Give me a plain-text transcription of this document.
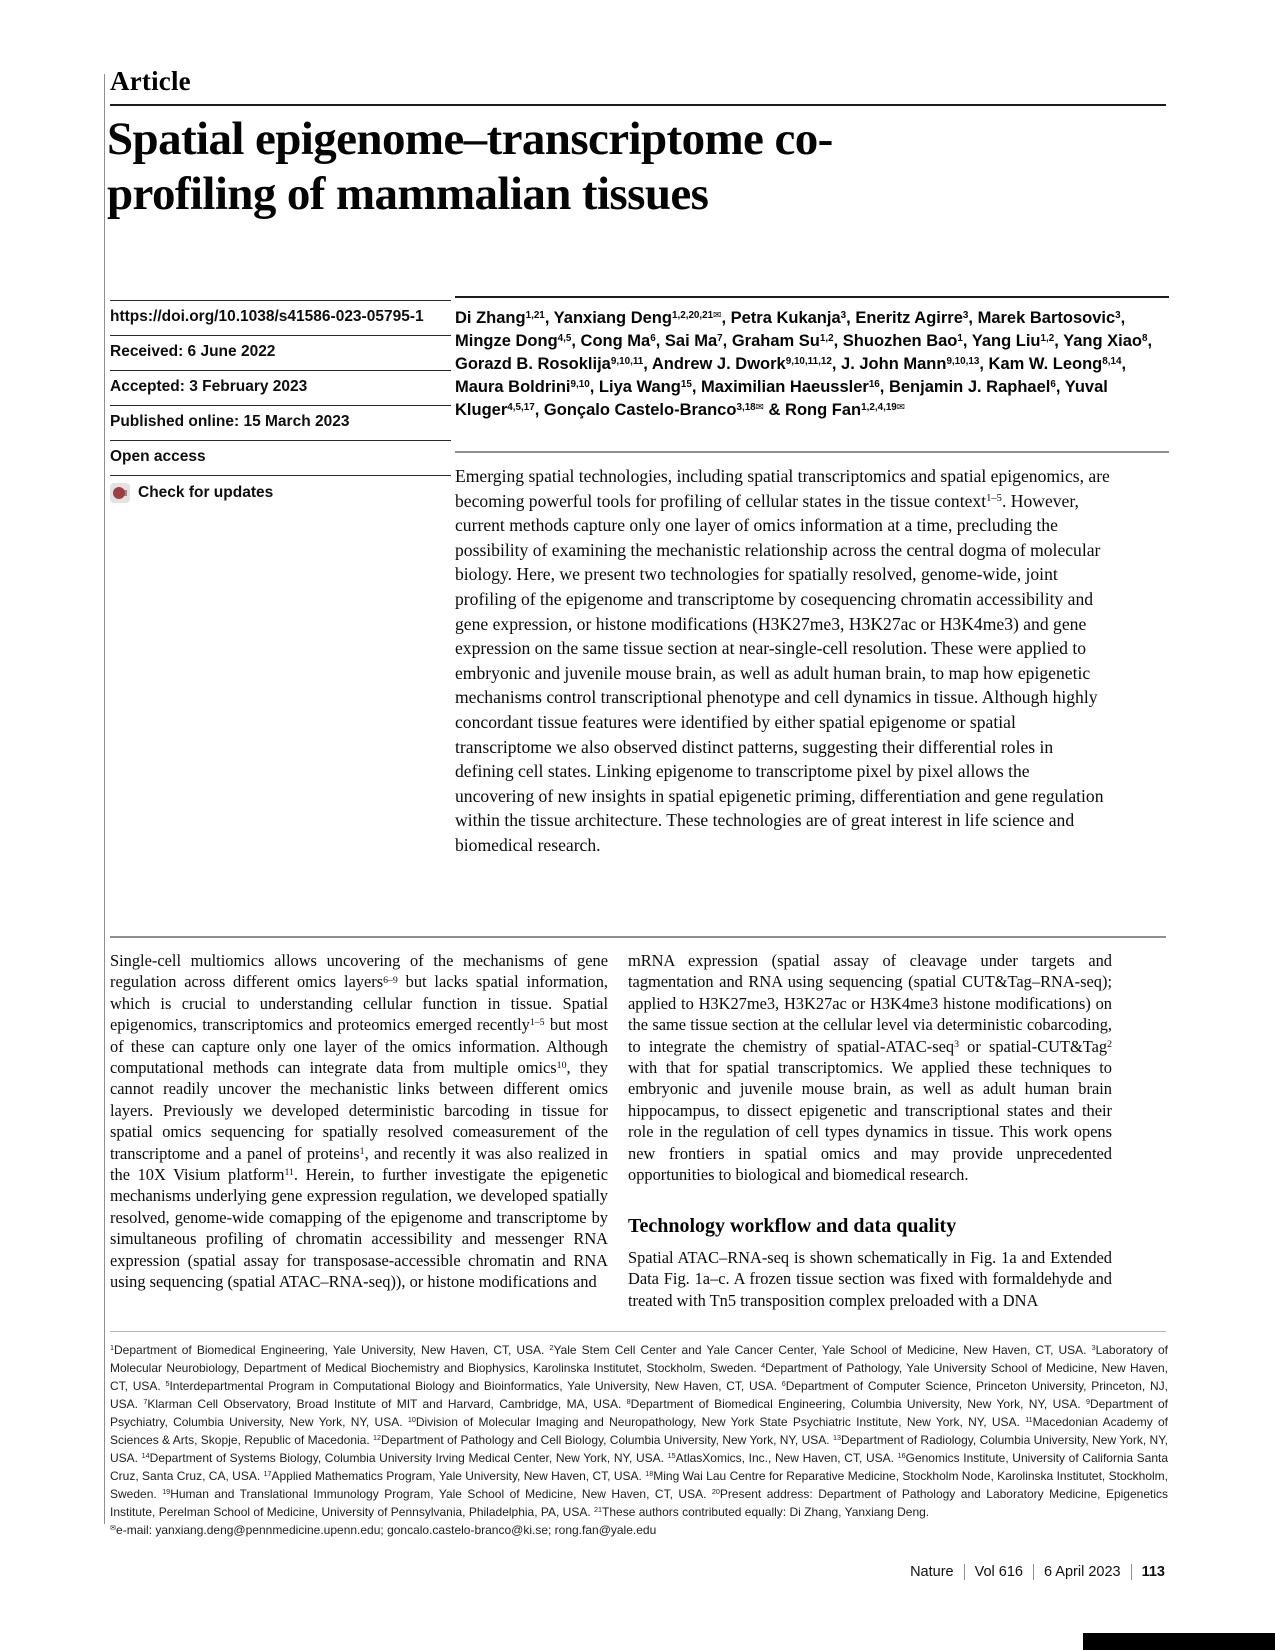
Article
Spatial epigenome–transcriptome co-profiling of mammalian tissues
https://doi.org/10.1038/s41586-023-05795-1
Received: 6 June 2022
Accepted: 3 February 2023
Published online: 15 March 2023
Open access
Check for updates
Di Zhang$^{1,21}$, Yanxiang Deng$^{1,2,20,21✉}$, Petra Kukanja$^3$, Eneritz Agirre$^3$, Marek Bartosovic$^3$, Mingze Dong$^{4,5}$, Cong Ma$^6$, Sai Ma$^7$, Graham Su$^{1,2}$, Shuozhen Bao$^1$, Yang Liu$^{1,2}$, Yang Xiao$^8$, Gorazd B. Rosoklija$^{9,10,11}$, Andrew J. Dwork$^{9,10,11,12}$, J. John Mann$^{9,10,13}$, Kam W. Leong$^{8,14}$, Maura Boldrini$^{9,10}$, Liya Wang$^{15}$, Maximilian Haeussler$^{16}$, Benjamin J. Raphael$^6$, Yuval Kluger$^{4,5,17}$, Gonçalo Castelo-Branco$^{3,18✉}$ & Rong Fan$^{1,2,4,19✉}$

Emerging spatial technologies, including spatial transcriptomics and spatial epigenomics, are becoming powerful tools for profiling of cellular states in the tissue context$^{1-5}$. However, current methods capture only one layer of omics information at a time, precluding the possibility of examining the mechanistic relationship across the central dogma of molecular biology. Here, we present two technologies for spatially resolved, genome-wide, joint profiling of the epigenome and transcriptome by cosequencing chromatin accessibility and gene expression, or histone modifications (H3K27me3, H3K27ac or H3K4me3) and gene expression on the same tissue section at near-single-cell resolution. These were applied to embryonic and juvenile mouse brain, as well as adult human brain, to map how epigenetic mechanisms control transcriptional phenotype and cell dynamics in tissue. Although highly concordant tissue features were identified by either spatial epigenome or spatial transcriptome we also observed distinct patterns, suggesting their differential roles in defining cell states. Linking epigenome to transcriptome pixel by pixel allows the uncovering of new insights in spatial epigenetic priming, differentiation and gene regulation within the tissue architecture. These technologies are of great interest in life science and biomedical research.

Single-cell multiomics allows uncovering of the mechanisms of gene regulation across different omics layers$^{6-9}$ but lacks spatial information, which is crucial to understanding cellular function in tissue. Spatial epigenomics, transcriptomics and proteomics emerged recently$^{1-5}$ but most of these can capture only one layer of the omics information. Although computational methods can integrate data from multiple omics$^{10}$, they cannot readily uncover the mechanistic links between different omics layers. Previously we developed deterministic barcoding in tissue for spatial omics sequencing for spatially resolved comeasurement of the transcriptome and a panel of proteins$^1$, and recently it was also realized in the 10X Visium platform$^{11}$. Herein, to further investigate the epigenetic mechanisms underlying gene expression regulation, we developed spatially resolved, genome-wide comapping of the epigenome and transcriptome by simultaneous profiling of chromatin accessibility and messenger RNA expression (spatial assay for transposase-accessible chromatin and RNA using sequencing (spatial ATAC–RNA-seq)), or histone modifications and

mRNA expression (spatial assay of cleavage under targets and tagmentation and RNA using sequencing (spatial CUT&Tag–RNA-seq); applied to H3K27me3, H3K27ac or H3K4me3 histone modifications) on the same tissue section at the cellular level via deterministic cobarcoding, to integrate the chemistry of spatial-ATAC-seq$^3$ or spatial-CUT&Tag$^2$ with that for spatial transcriptomics. We applied these techniques to embryonic and juvenile mouse brain, as well as adult human brain hippocampus, to dissect epigenetic and transcriptional states and their role in the regulation of cell types dynamics in tissue. This work opens new frontiers in spatial omics and may provide unprecedented opportunities to biological and biomedical research.

Technology workflow and data quality

Spatial ATAC–RNA-seq is shown schematically in Fig. 1a and Extended Data Fig. 1a–c. A frozen tissue section was fixed with formaldehyde and treated with Tn5 transposition complex preloaded with a DNA

$^1$Department of Biomedical Engineering, Yale University, New Haven, CT, USA. $^2$Yale Stem Cell Center and Yale Cancer Center, Yale School of Medicine, New Haven, CT, USA. $^3$Laboratory of Molecular Neurobiology, Department of Medical Biochemistry and Biophysics, Karolinska Institutet, Stockholm, Sweden. $^4$Department of Pathology, Yale University School of Medicine, New Haven, CT, USA. $^5$Interdepartmental Program in Computational Biology and Bioinformatics, Yale University, New Haven, CT, USA. $^6$Department of Computer Science, Princeton University, Princeton, NJ, USA. $^7$Klarman Cell Observatory, Broad Institute of MIT and Harvard, Cambridge, MA, USA. $^8$Department of Biomedical Engineering, Columbia University, New York, NY, USA. $^9$Department of Psychiatry, Columbia University, New York, NY, USA. $^{10}$Division of Molecular Imaging and Neuropathology, New York State Psychiatric Institute, New York, NY, USA. $^{11}$Macedonian Academy of Sciences & Arts, Skopje, Republic of Macedonia. $^{12}$Department of Pathology and Cell Biology, Columbia University, New York, NY, USA. $^{13}$Department of Radiology, Columbia University, New York, NY, USA. $^{14}$Department of Systems Biology, Columbia University Irving Medical Center, New York, NY, USA. $^{15}$AtlasXomics, Inc., New Haven, CT, USA. $^{16}$Genomics Institute, University of California Santa Cruz, Santa Cruz, CA, USA. $^{17}$Applied Mathematics Program, Yale University, New Haven, CT, USA. $^{18}$Ming Wai Lau Centre for Reparative Medicine, Stockholm Node, Karolinska Institutet, Stockholm, Sweden. $^{19}$Human and Translational Immunology Program, Yale School of Medicine, New Haven, CT, USA. $^{20}$Present address: Department of Pathology and Laboratory Medicine, Epigenetics Institute, Perelman School of Medicine, University of Pennsylvania, Philadelphia, PA, USA. $^{21}$These authors contributed equally: Di Zhang, Yanxiang Deng.

✉e-mail: yanxiang.deng@pennmedicine.upenn.edu; goncalo.castelo-branco@ki.se; rong.fan@yale.edu

Nature	Vol 616	6 April 2023	113
